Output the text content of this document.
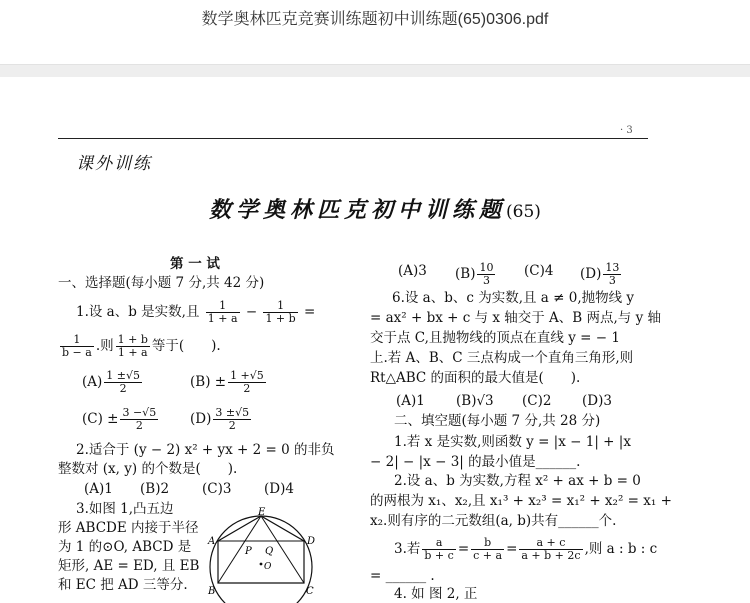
数学奥林匹克竞赛训练题初中训练题(65)0306.pdf
· 3
课外训练
数学奥林匹克初中训练题(65)
第 一 试
一、选择题(每小题 7 分,共 42 分)
1.设 a、b 是实数,且 $\frac{1}{1 + a} - \frac{1}{1 + b}$ =
$\frac{1}{b - a}$ .则 $\frac{1 + b}{1 + a}$ 等于(　　).
$(A) \frac{1 \pm√5}{2}$	$(B) \pm \frac{1 +√5}{2}$
$(C) \pm \frac{3 -√5}{2} (D) \frac{3 \pm√5}{2}$
2.适合于 (y − 2) x² + yx + 2 = 0 的非负
整数对 (x, y) 的个数是(　　).
(A)1 (B)2 (C)3 (D)4
3.如图 1,凸五边
形 ABCDE 内接于半径
为 1 的⊙O, ABCD 是
矩形, AE = ED, 且 EB
和 EC 把 AD 三等分.
E
A	D
P Q
O
B	C
(A)3 $(B) \frac{10}{3} (C)4$ $(D) \frac{13}{3}$
6.设 a、b、c 为实数,且 a ≠ 0,抛物线 y
= ax² + bx + c 与 x 轴交于 A、B 两点,与 y 轴
交于点 C,且抛物线的顶点在直线 y = − 1
上.若 A、B、C 三点构成一个直角三角形,则
Rt△ABC 的面积的最大值是(　　).
(A)1 (B)√3 (C)2 (D)3
二、填空题(每小题 7 分,共 28 分)
1.若 x 是实数,则函数 y = |x − 1| + |x
− 2| − |x − 3| 的最小值是______.
2.设 a、b 为实数,方程 x² + ax + b = 0
的两根为 x₁、x₂,且 x₁³ + x₂³ = x₁² + x₂² = x₁ +
x₂.则有序的二元数组(a, b)共有______个.
3.若 $\frac{a}{b + c} = \frac{b}{c + a} = \frac{a + c}{a + b + 2c}$ ,则 a : b : c
= ______ .
4. 如 图 2, 正
